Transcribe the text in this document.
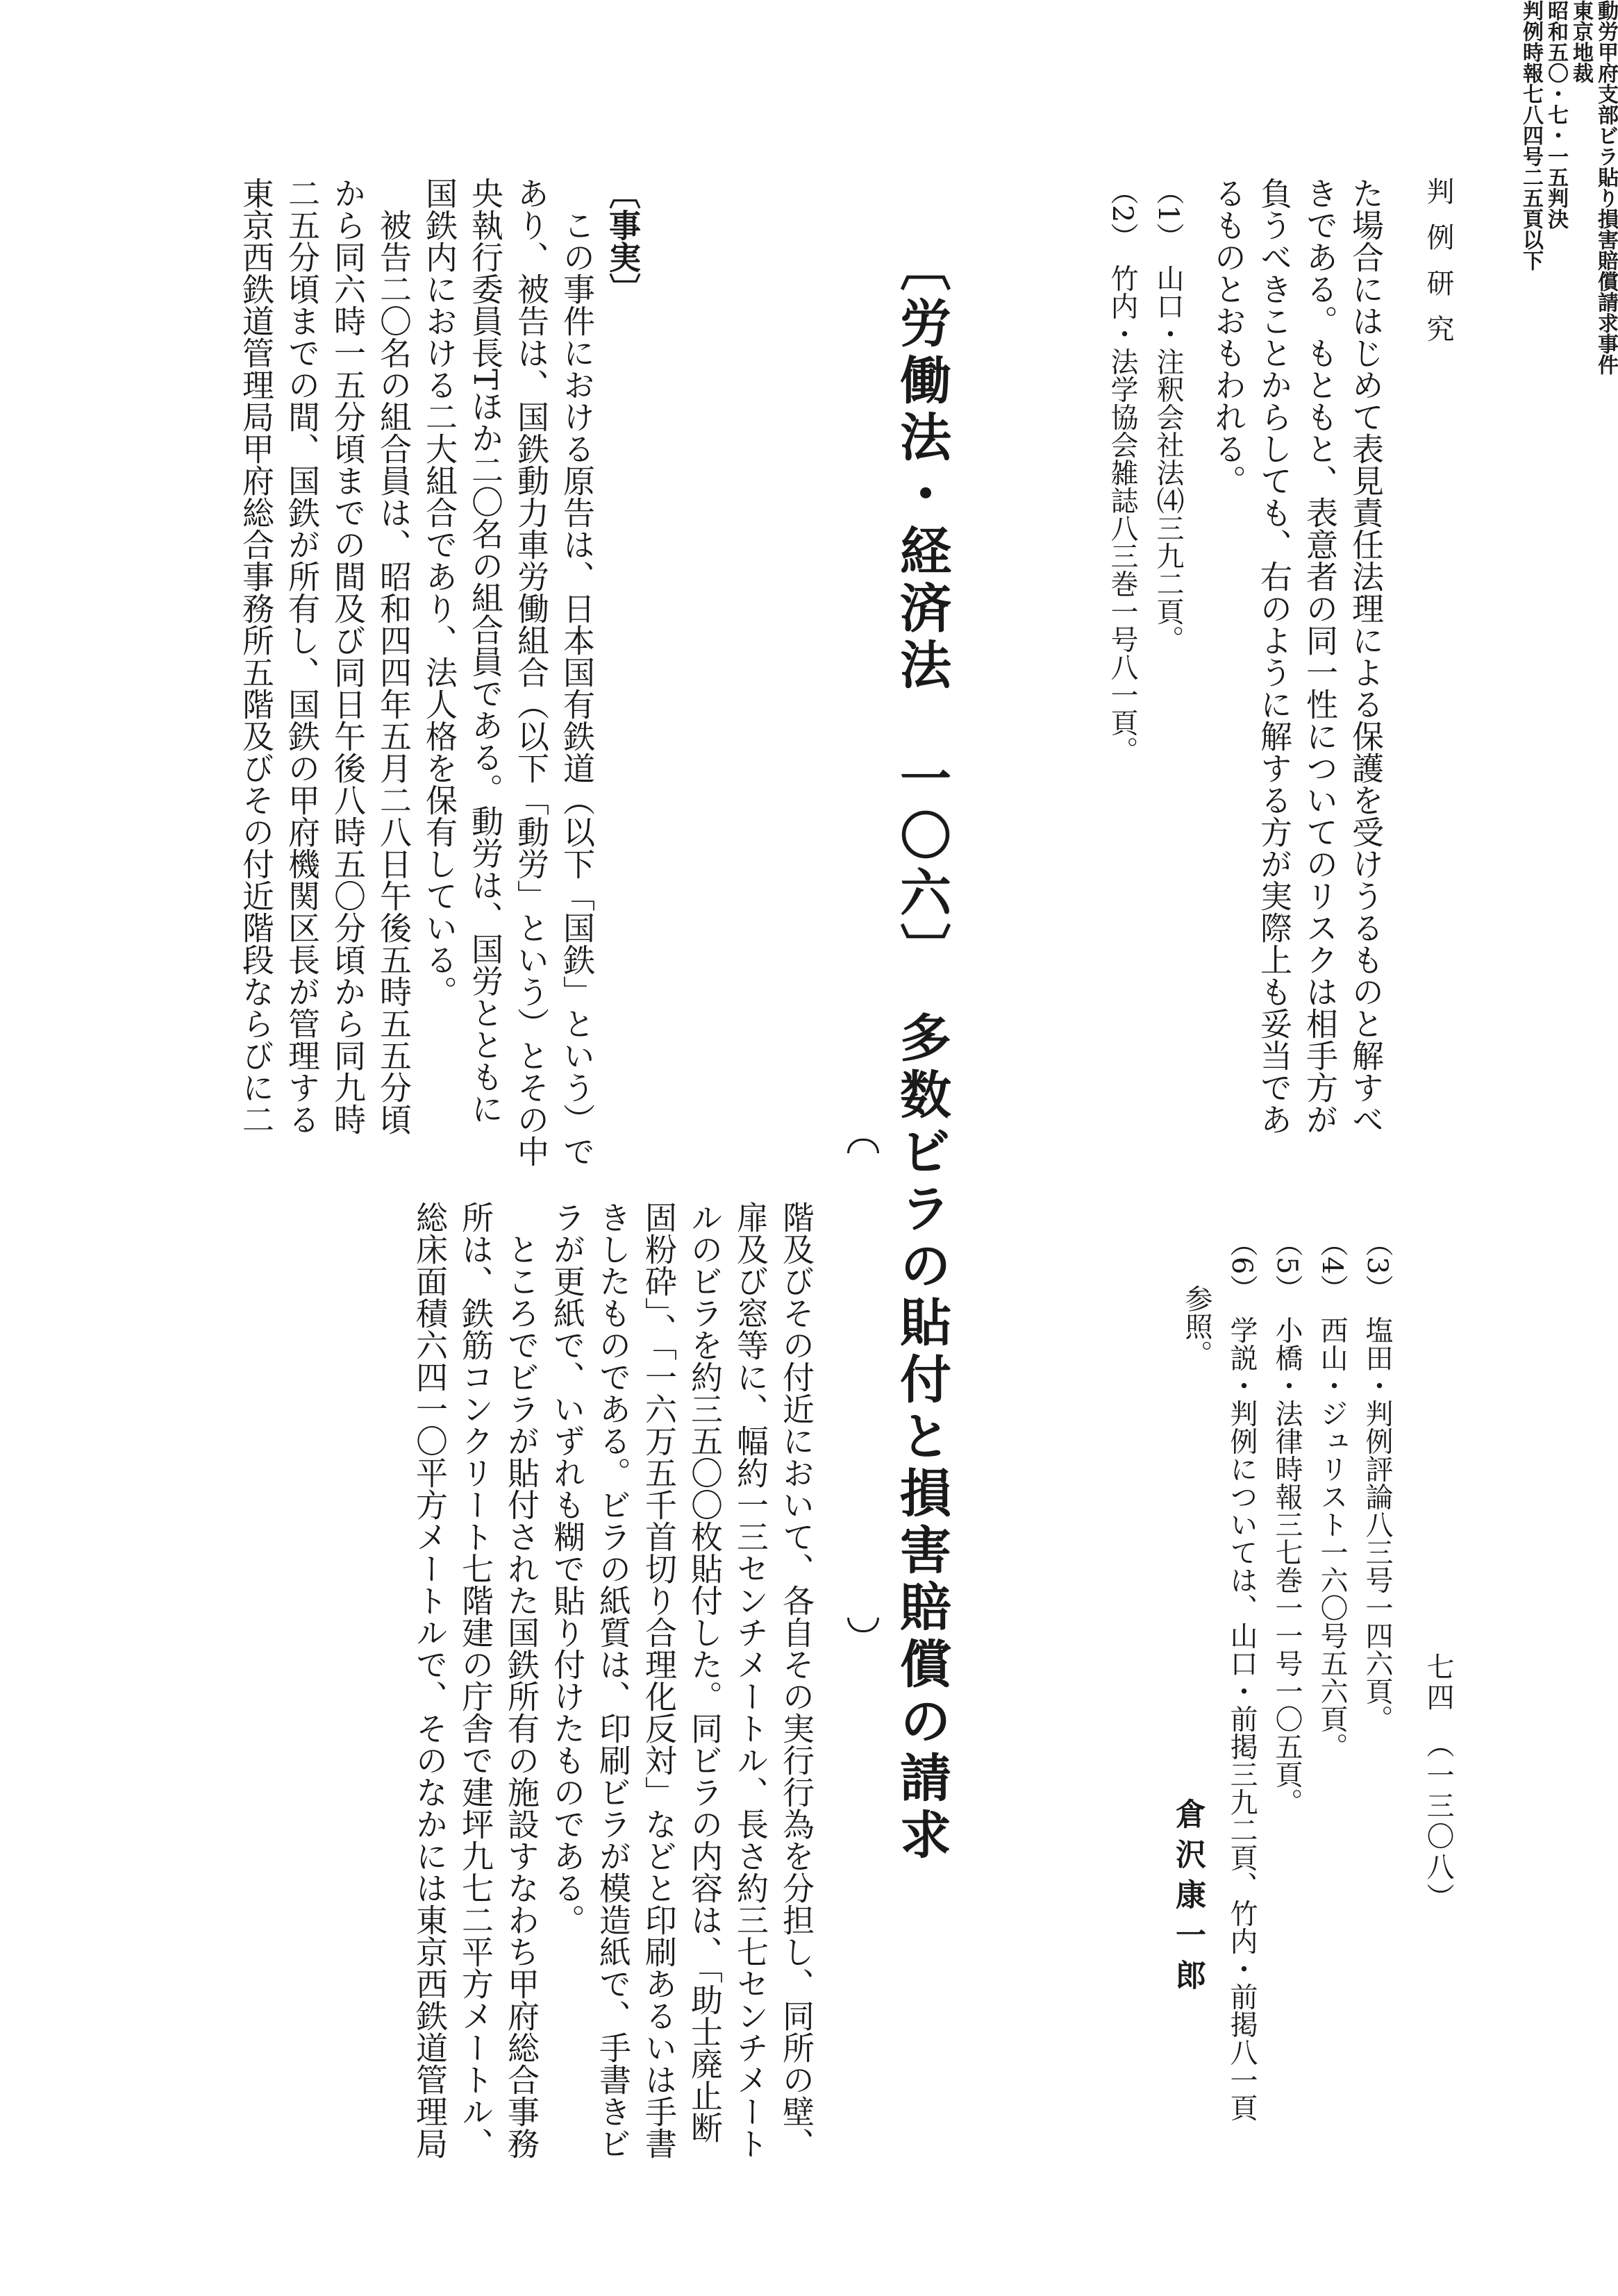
判例研究
七四　（一三〇八）
た場合にはじめて表見責任法理による保護を受けうるものと解すべ
きである。もともと、表意者の同一性についてのリスクは相手方が
負うべきことからしても、右のように解する方が実際上も妥当であ
るものとおもわれる。
（1）　山口・注釈会社法⑷三九二頁。
（2）　竹内・法学協会雑誌八三巻一号八一頁。
（3）　塩田・判例評論八三号一四六頁。
（4）　西山・ジュリスト一六〇号五六頁。
（5）　小橋・法律時報三七巻一一号一〇五頁。
（6）　学説・判例については、山口・前掲三九二頁、竹内・前掲八一頁
　　参照。
〔労働法・経済法　一〇六〕　多数ビラの貼付と損害賠償の請求
動労甲府支部ビラ貼り損害賠償請求事件
東京地裁
昭和五〇・七・一五判決
判例時報七八四号二五頁以下
倉沢康一郎
〔事実〕
　この事件における原告は、日本国有鉄道（以下「国鉄」という）で
あり、被告は、国鉄動力車労働組合（以下「動労」という）とその中
央執行委員長Tほか二〇名の組合員である。動労は、国労とともに
国鉄内における二大組合であり、法人格を保有している。
　被告二〇名の組合員は、昭和四四年五月二八日午後五時五五分頃
から同六時一五分頃までの間及び同日午後八時五〇分頃から同九時
二五分頃までの間、国鉄が所有し、国鉄の甲府機関区長が管理する
東京西鉄道管理局甲府総合事務所五階及びその付近階段ならびに二
階及びその付近において、各自その実行行為を分担し、同所の壁、
扉及び窓等に、幅約一三センチメートル、長さ約三七センチメート
ルのビラを約三五〇〇枚貼付した。同ビラの内容は、「助士廃止断
固粉砕」、「一六万五千首切り合理化反対」などと印刷あるいは手書
きしたものである。ビラの紙質は、印刷ビラが模造紙で、手書きビ
ラが更紙で、いずれも糊で貼り付けたものである。
　ところでビラが貼付された国鉄所有の施設すなわち甲府総合事務
所は、鉄筋コンクリート七階建の庁舎で建坪九七二平方メートル、
総床面積六四一〇平方メートルで、そのなかには東京西鉄道管理局
